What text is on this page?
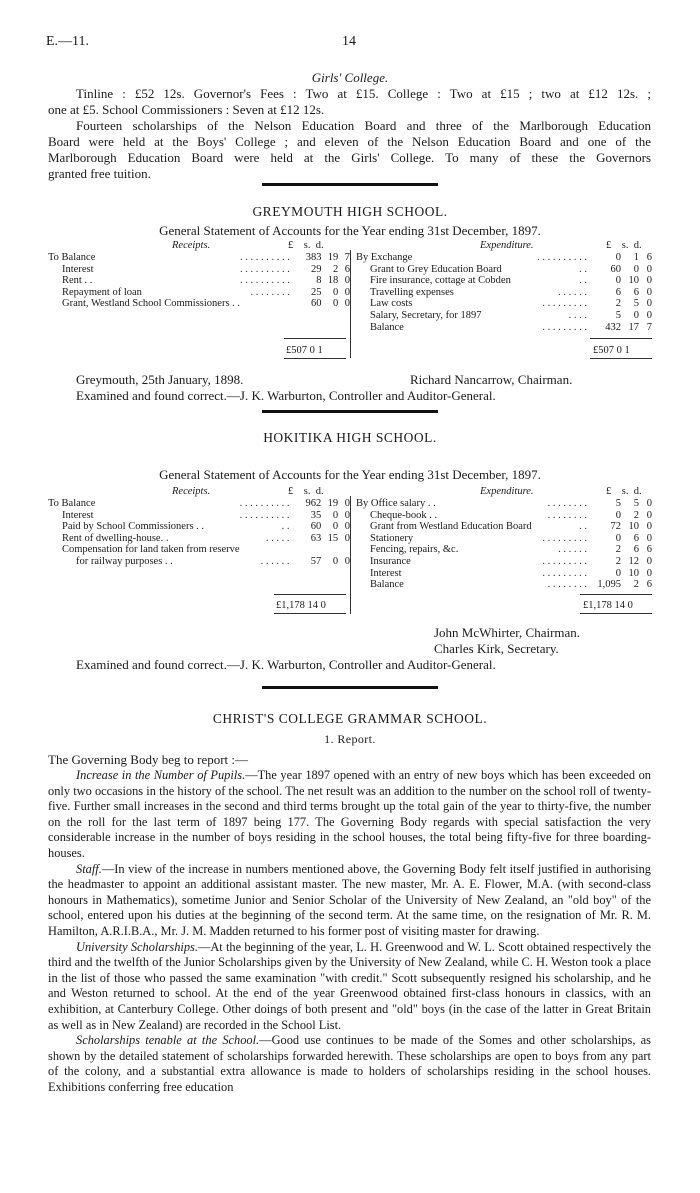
E.—11.	14
Girls' College.
Tinline : £52 12s. Governor's Fees : Two at £15. College : Two at £15 ; two at £12 12s. ;
one at £5. School Commissioners : Seven at £12 12s.
Fourteen scholarships of the Nelson Education Board and three of the Marlborough Education
Board were held at the Boys' College ; and eleven of the Nelson Education Board and one of the
Marlborough Education Board were held at the Girls' College. To many of these the Governors
granted free tuition.
GREYMOUTH HIGH SCHOOL.
General Statement of Accounts for the Year ending 31st December, 1897.
Receipts.	Expenditure.
£ s. d.	£ s. d.
To Balance	. . . . . . . . . .	383	19	7
Interest	. . . . . . . . . .	29	2	6
Rent . .	. . . . . . . . . .	8	18	0
Repayment of loan	. . . . . . . .	25	0	0
Grant, Westland School Commissioners . .		60	0	0
By Exchange	. . . . . . . . . .	0	1	6
Grant to Grey Education Board	. .	60	0	0
Fire insurance, cottage at Cobden	. .	0	10	0
Travelling expenses	. . . . . .	6	6	0
Law costs	. . . . . . . . .	2	5	0
Salary, Secretary, for 1897	. . . .	5	0	0
Balance	. . . . . . . . .	432	17	7
£507 0 1	£507 0 1
Greymouth, 25th January, 1898.	Richard Nancarrow, Chairman.
Examined and found correct.—J. K. Warburton, Controller and Auditor-General.
HOKITIKA HIGH SCHOOL.
General Statement of Accounts for the Year ending 31st December, 1897.
Receipts.	Expenditure.
£ s. d.	£ s. d.
To Balance	. . . . . . . . . .	962	19	0
Interest	. . . . . . . . . .	35	0	0
Paid by School Commissioners . .	. .	60	0	0
Rent of dwelling-house. .	. . . . .	63	15	0
Compensation for land taken from reserve				
for railway purposes . .	. . . . . .	57	0	0
By Office salary . .	. . . . . . . .	5	5	0
Cheque-book . .	. . . . . . . .	0	2	0
Grant from Westland Education Board	. .	72	10	0
Stationery	. . . . . . . . .	0	6	0
Fencing, repairs, &c.	. . . . . .	2	6	6
Insurance	. . . . . . . . .	2	12	0
Interest	. . . . . . . . .	0	10	0
Balance	. . . . . . . .	1,095	2	6
£1,178 14 0	£1,178 14 0
John McWhirter, Chairman.
Charles Kirk, Secretary.
Examined and found correct.—J. K. Warburton, Controller and Auditor-General.
CHRIST'S COLLEGE GRAMMAR SCHOOL.
1. Report.
The Governing Body beg to report :—

Increase in the Number of Pupils.—The year 1897 opened with an entry of new boys which has been exceeded on only two occasions in the history of the school. The net result was an addition to the number on the school roll of twenty-five. Further small increases in the second and third terms brought up the total gain of the year to thirty-five, the number on the roll for the last term of 1897 being 177. The Governing Body regards with special satisfaction the very considerable increase in the number of boys residing in the school houses, the total being fifty-five for three boarding-houses.

Staff.—In view of the increase in numbers mentioned above, the Governing Body felt itself justified in authorising the headmaster to appoint an additional assistant master. The new master, Mr. A. E. Flower, M.A. (with second-class honours in Mathematics), sometime Junior and Senior Scholar of the University of New Zealand, an "old boy" of the school, entered upon his duties at the beginning of the second term. At the same time, on the resignation of Mr. R. M. Hamilton, A.R.I.B.A., Mr. J. M. Madden returned to his former post of visiting master for drawing.

University Scholarships.—At the beginning of the year, L. H. Greenwood and W. L. Scott obtained respectively the third and the twelfth of the Junior Scholarships given by the University of New Zealand, while C. H. Weston took a place in the list of those who passed the same examination "with credit." Scott subsequently resigned his scholarship, and he and Weston returned to school. At the end of the year Greenwood obtained first-class honours in classics, with an exhibition, at Canterbury College. Other doings of both present and "old" boys (in the case of the latter in Great Britain as well as in New Zealand) are recorded in the School List.

Scholarships tenable at the School.—Good use continues to be made of the Somes and other scholarships, as shown by the detailed statement of scholarships forwarded herewith. These scholarships are open to boys from any part of the colony, and a substantial extra allowance is made to holders of scholarships residing in the school houses. Exhibitions conferring free education
